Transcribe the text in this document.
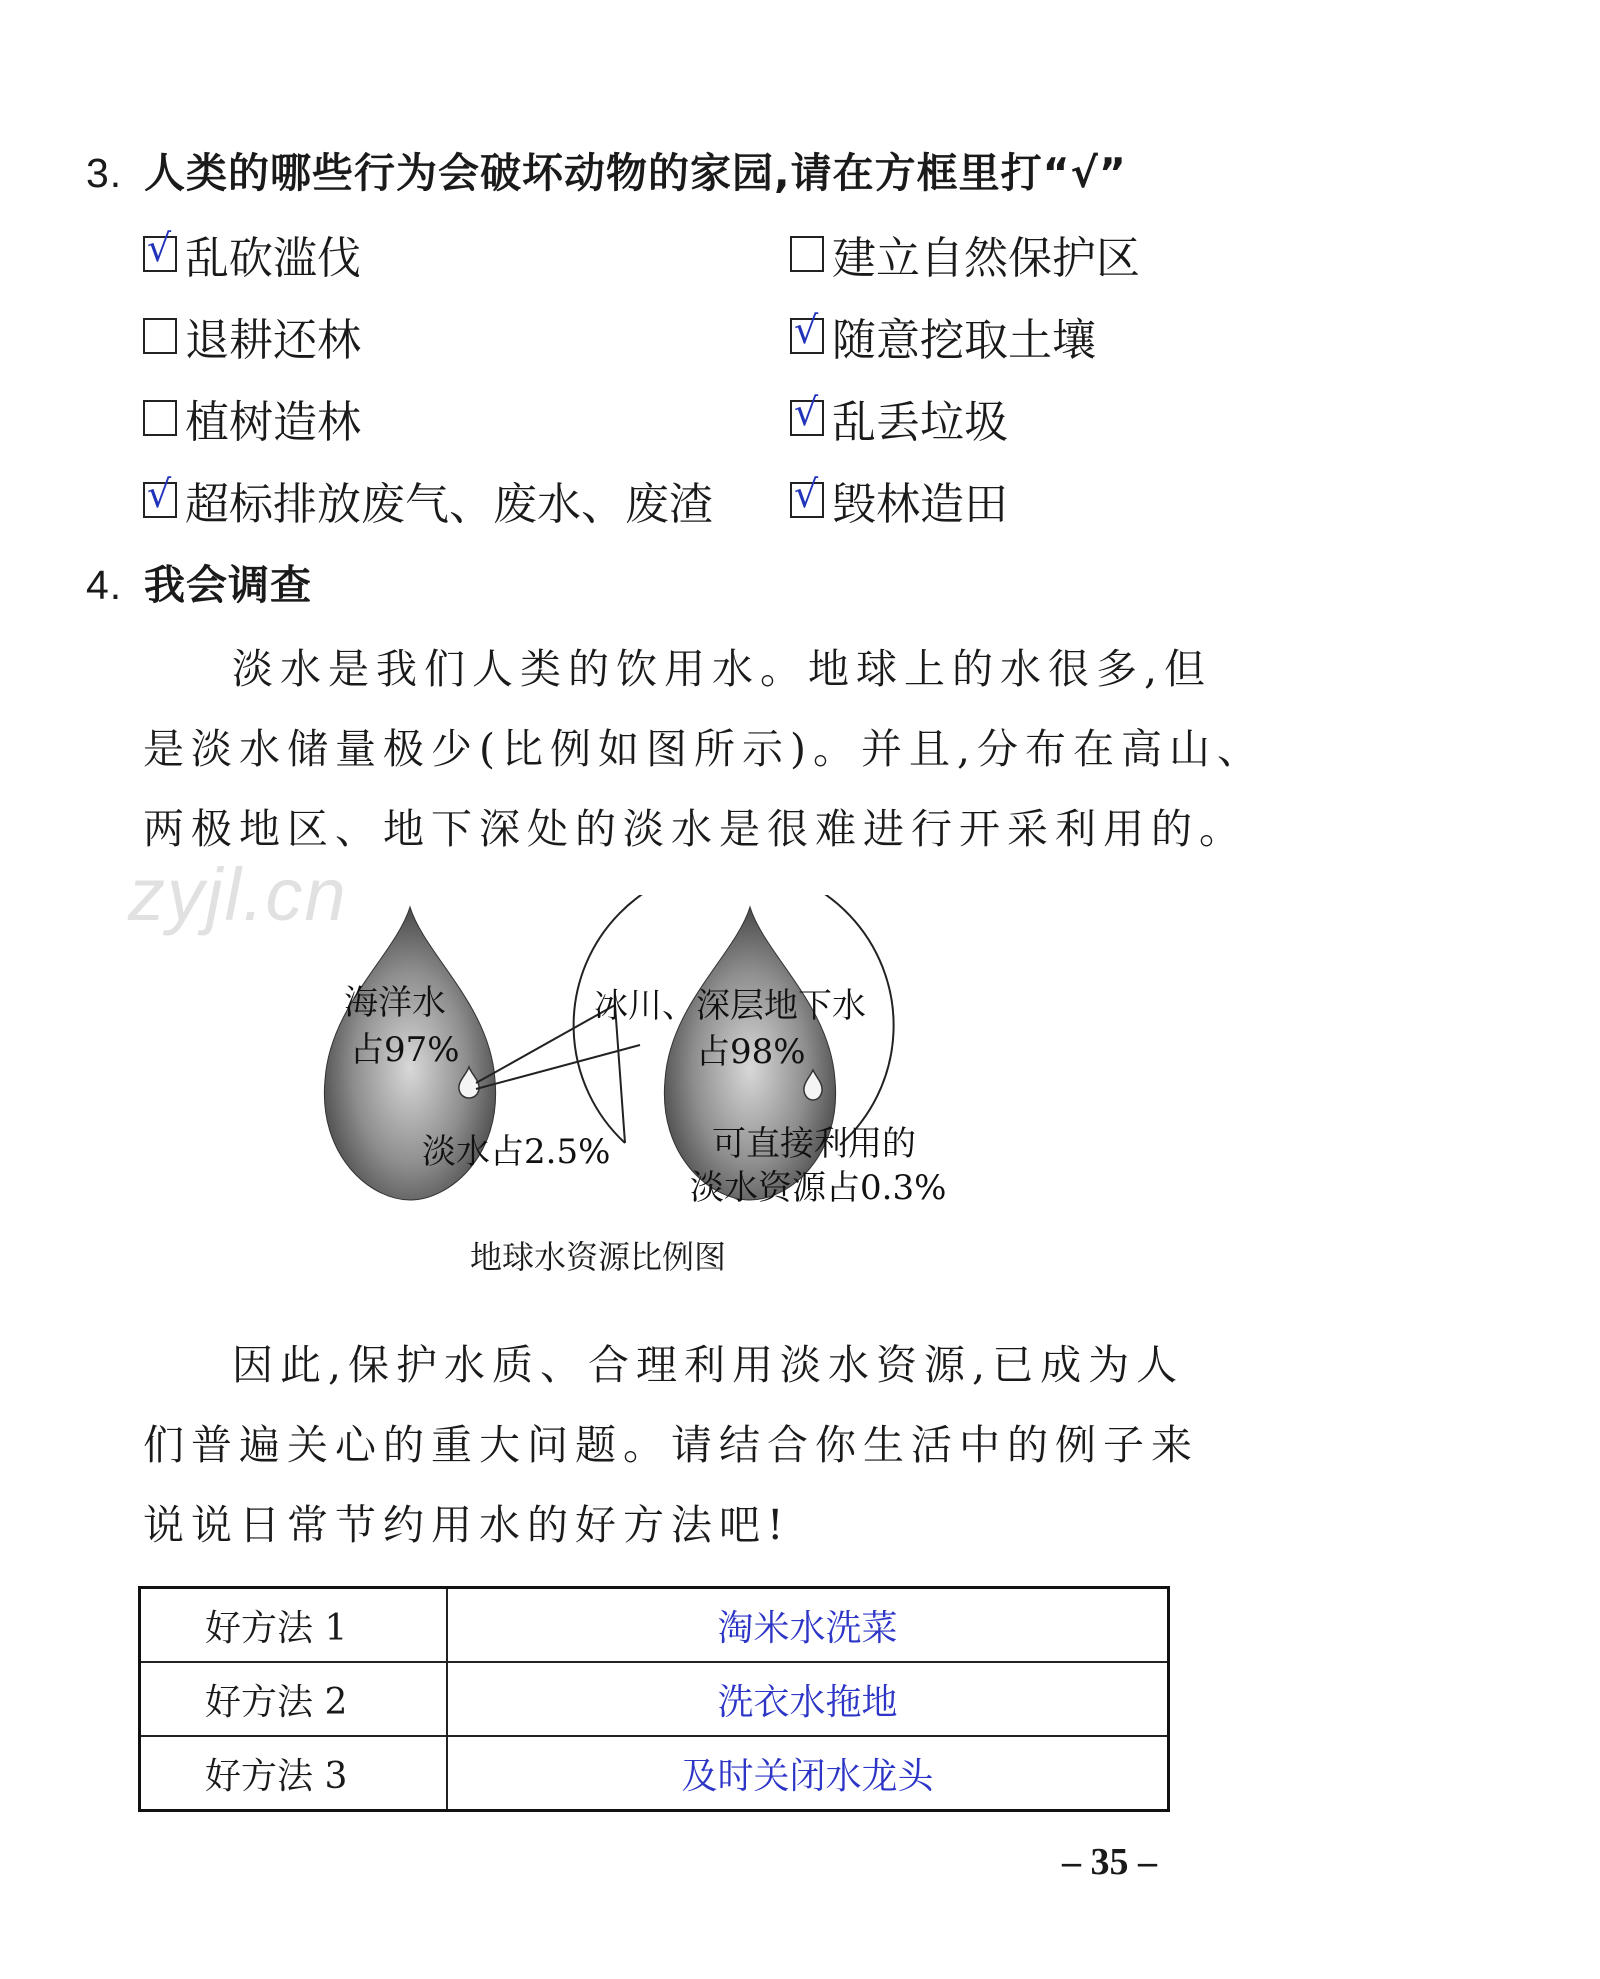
3. 人类的哪些行为会破坏动物的家园,请在方框里打“√”
√ 乱砍滥伐	建立自然保护区
退耕还林	√ 随意挖取土壤
植树造林	√ 乱丢垃圾
√ 超标排放废气、废水、废渣 √ 毁林造田
4. 我会调查
淡水是我们人类的饮用水。地球上的水很多,但
是淡水储量极少(比例如图所示)。并且,分布在高山、
两极地区、地下深处的淡水是很难进行开采利用的。
zyjl.cn
海洋水
占97%
淡水占2.5%
冰川、深层地下水
占98%
可直接利用的
淡水资源占0.3%
地球水资源比例图
因此,保护水质、合理利用淡水资源,已成为人
们普遍关心的重大问题。请结合你生活中的例子来
说说日常节约用水的好方法吧!
好方法 1	淘米水洗菜
好方法 2	洗衣水拖地
好方法 3	及时关闭水龙头
– 35 –
